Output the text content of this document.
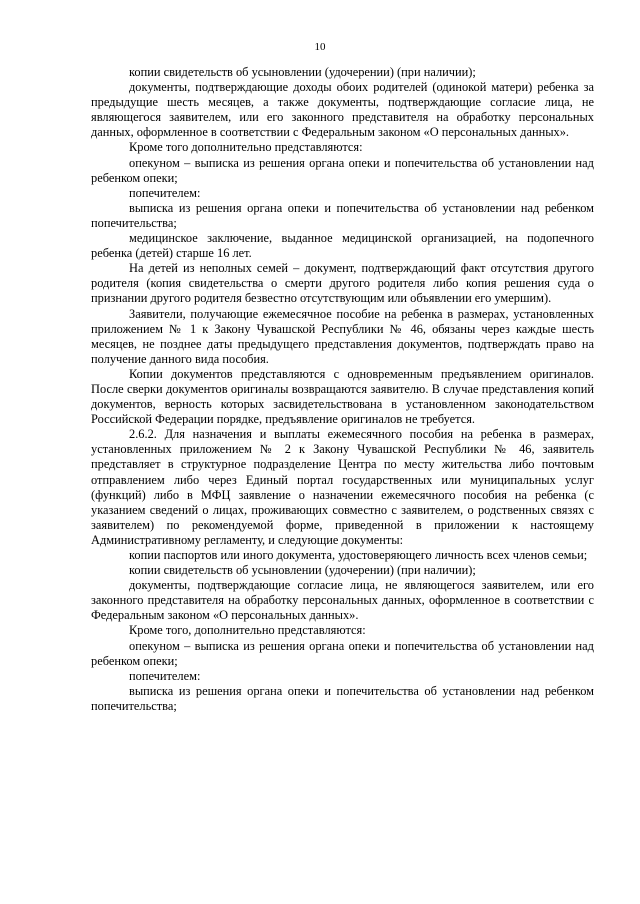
10

копии свидетельств об усыновлении (удочерении) (при наличии);

документы, подтверждающие доходы обоих родителей (одинокой матери) ребенка за предыдущие шесть месяцев, а также документы, подтверждающие согласие лица, не являющегося заявителем, или его законного представителя на обработку персональных данных, оформленное в соответствии с Федеральным законом «О персональных данных».

Кроме того дополнительно представляются:

опекуном – выписка из решения органа опеки и попечительства об установлении над ребенком опеки;

попечителем:

выписка из решения органа опеки и попечительства об установлении над ребенком попечительства;

медицинское заключение, выданное медицинской организацией, на подопечного ребенка (детей) старше 16 лет.

На детей из неполных семей – документ, подтверждающий факт отсутствия другого родителя (копия свидетельства о смерти другого родителя либо копия решения суда о признании другого родителя безвестно отсутствующим или объявлении его умершим).

Заявители, получающие ежемесячное пособие на ребенка в размерах, установленных приложением № 1 к Закону Чувашской Республики № 46, обязаны через каждые шесть месяцев, не позднее даты предыдущего представления документов, подтверждать право на получение данного вида пособия.

Копии документов представляются с одновременным предъявлением оригиналов. После сверки документов оригиналы возвращаются заявителю. В случае представления копий документов, верность которых засвидетельствована в установленном законодательством Российской Федерации порядке, предъявление оригиналов не требуется.

2.6.2. Для назначения и выплаты ежемесячного пособия на ребенка в размерах, установленных приложением № 2 к Закону Чувашской Республики № 46, заявитель представляет в структурное подразделение Центра по месту жительства либо почтовым отправлением либо через Единый портал государственных или муниципальных услуг (функций) либо в МФЦ заявление о назначении ежемесячного пособия на ребенка (с указанием сведений о лицах, проживающих совместно с заявителем, о родственных связях с заявителем) по рекомендуемой форме, приведенной в приложении к настоящему Административному регламенту, и следующие документы:

копии паспортов или иного документа, удостоверяющего личность всех членов семьи;

копии свидетельств об усыновлении (удочерении) (при наличии);

документы, подтверждающие согласие лица, не являющегося заявителем, или его законного представителя на обработку персональных данных, оформленное в соответствии с Федеральным законом «О персональных данных».

Кроме того, дополнительно представляются:

опекуном – выписка из решения органа опеки и попечительства об установлении над ребенком опеки;

попечителем:

выписка из решения органа опеки и попечительства об установлении над ребенком попечительства;
